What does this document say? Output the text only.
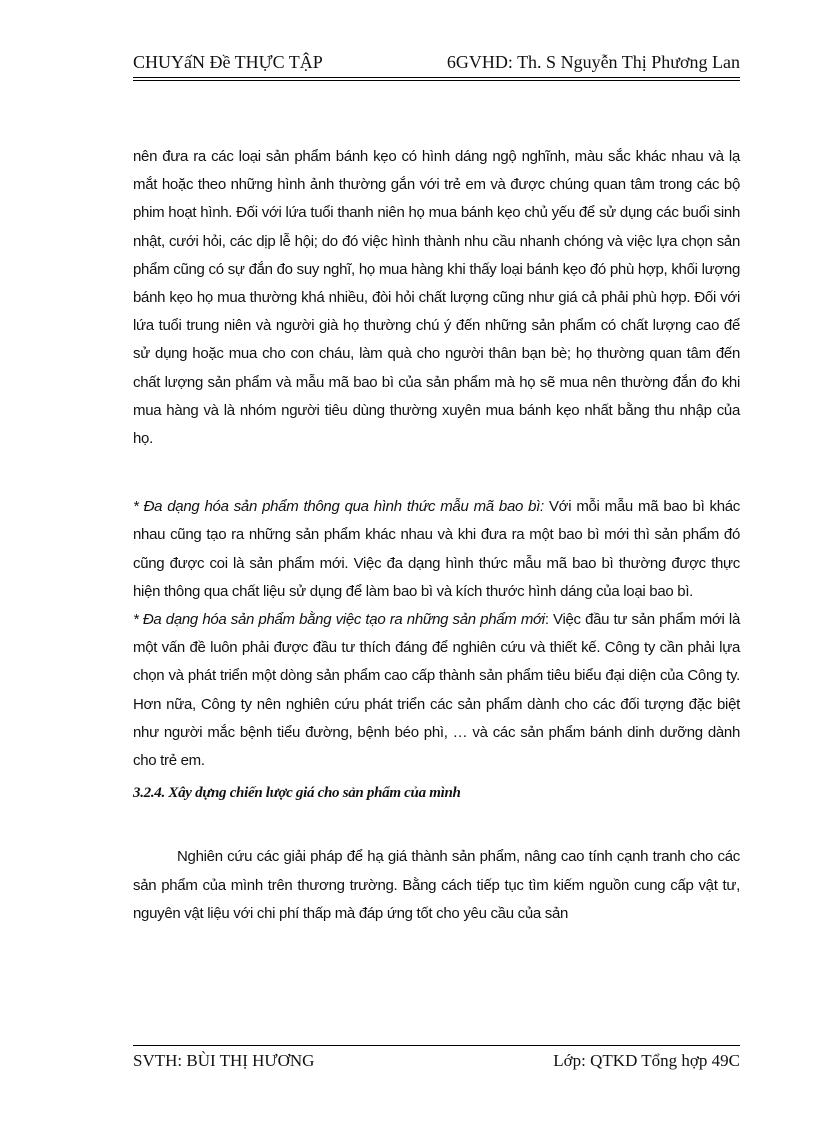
CHUYấN Đề THỰC TẬP	6GVHD: Th. S Nguyễn Thị Phương Lan

nên đưa ra các loại sản phẩm bánh kẹo có hình dáng ngộ nghĩnh, màu sắc khác nhau và lạ mắt hoặc theo những hình ảnh thường gắn với trẻ em và được chúng quan tâm trong các bộ phim hoạt hình. Đối với lứa tuổi thanh niên họ mua bánh kẹo chủ yếu để sử dụng các buổi sinh nhật, cưới hỏi, các dịp lễ hội; do đó việc hình thành nhu cầu nhanh chóng và việc lựa chọn sản phẩm cũng có sự đắn đo suy nghĩ, họ mua hàng khi thấy loại bánh kẹo đó phù hợp, khối lượng bánh kẹo họ mua thường khá nhiều, đòi hỏi chất lượng cũng như giá cả phải phù hợp. Đối với lứa tuổi trung niên và người già họ thường chú ý đến những sản phẩm có chất lượng cao để sử dụng hoặc mua cho con cháu, làm quà cho người thân bạn bè; họ thường quan tâm đến chất lượng sản phẩm và mẫu mã bao bì của sản phẩm mà họ sẽ mua nên thường đắn đo khi mua hàng và là nhóm người tiêu dùng thường xuyên mua bánh kẹo nhất bằng thu nhập của họ.

* Đa dạng hóa sản phẩm thông qua hình thức mẫu mã bao bì: Với mỗi mẫu mã bao bì khác nhau cũng tạo ra những sản phẩm khác nhau và khi đưa ra một bao bì mới thì sản phẩm đó cũng được coi là sản phẩm mới. Việc đa dạng hình thức mẫu mã bao bì thường được thực hiện thông qua chất liệu sử dụng để làm bao bì và kích thước hình dáng của loại bao bì.

* Đa dạng hóa sản phẩm bằng việc tạo ra những sản phẩm mới: Việc đầu tư sản phẩm mới là một vấn đề luôn phải được đầu tư thích đáng để nghiên cứu và thiết kế. Công ty cần phải lựa chọn và phát triển một dòng sản phẩm cao cấp thành sản phẩm tiêu biểu đại diện của Công ty. Hơn nữa, Công ty nên nghiên cứu phát triển các sản phẩm dành cho các đối tượng đặc biệt như người mắc bệnh tiểu đường, bệnh béo phì, … và các sản phẩm bánh dinh dưỡng dành cho trẻ em.

3.2.4. Xây dựng chiến lược giá cho sản phẩm của mình

Nghiên cứu các giải pháp để hạ giá thành sản phẩm, nâng cao tính cạnh tranh cho các sản phẩm của mình trên thương trường. Bằng cách tiếp tục tìm kiếm nguồn cung cấp vật tư, nguyên vật liệu với chi phí thấp mà đáp ứng tốt cho yêu cầu của sản

SVTH: BÙI THỊ HƯƠNG	Lớp: QTKD Tổng hợp 49C
